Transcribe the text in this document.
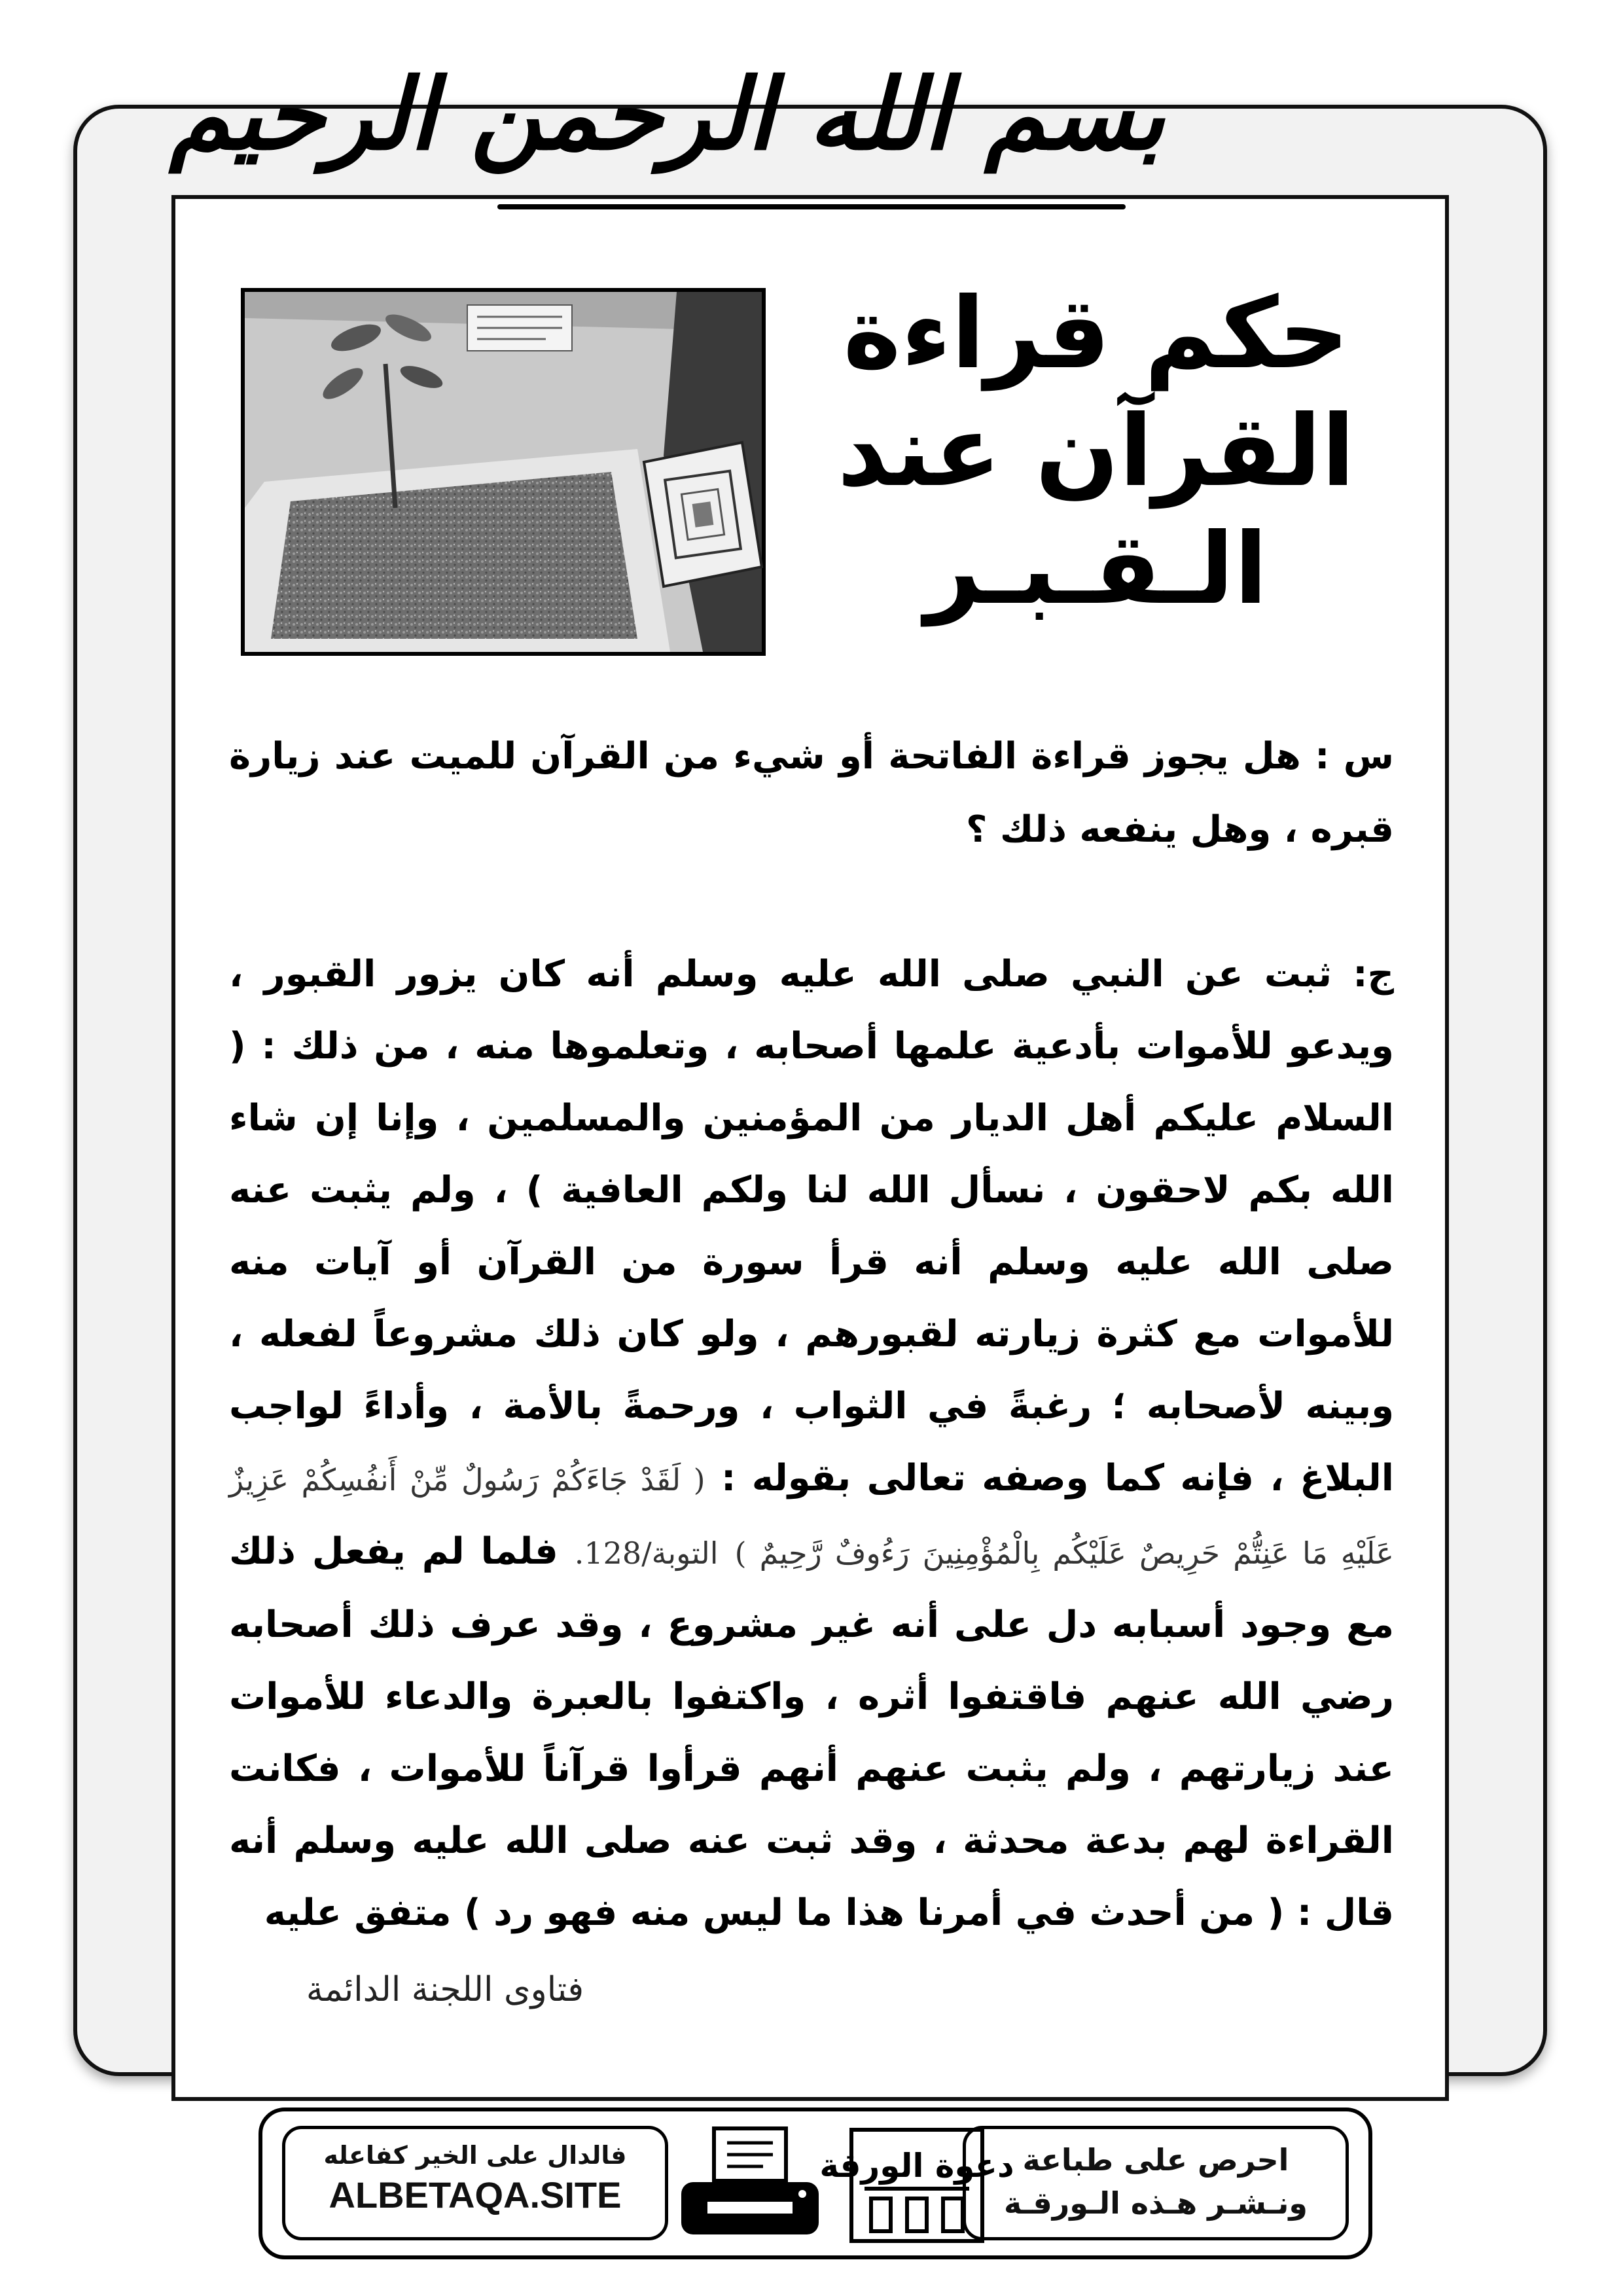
بسم الله الرحمن الرحيم
حكم قراءة
القرآن عند
الـقـبـر

س : هل يجوز قراءة الفاتحة أو شيء من القرآن للميت عند زيارة قبره ، وهل ينفعه ذلك ؟

ج: ثبت عن النبي صلى الله عليه وسلم أنه كان يزور القبور ، ويدعو للأموات بأدعية علمها أصحابه ، وتعلموها منه ، من ذلك : ( السلام عليكم أهل الديار من المؤمنين والمسلمين ، وإنا إن شاء الله بكم لاحقون ، نسأل الله لنا ولكم العافية ) ، ولم يثبت عنه صلى الله عليه وسلم أنه قرأ سورة من القرآن أو آيات منه للأموات مع كثرة زيارته لقبورهم ، ولو كان ذلك مشروعاً لفعله ، وبينه لأصحابه ؛ رغبةً في الثواب ، ورحمةً بالأمة ، وأداءً لواجب البلاغ ، فإنه كما وصفه تعالى بقوله : ( لَقَدْ جَاءَكُمْ رَسُولٌ مِّنْ أَنفُسِكُمْ عَزِيزٌ عَلَيْهِ مَا عَنِتُّمْ حَرِيصٌ عَلَيْكُم بِالْمُؤْمِنِينَ رَءُوفٌ رَّحِيمٌ ) التوبة/128. فلما لم يفعل ذلك مع وجود أسبابه دل على أنه غير مشروع ، وقد عرف ذلك أصحابه رضي الله عنهم فاقتفوا أثره ، واكتفوا بالعبرة والدعاء للأموات عند زيارتهم ، ولم يثبت عنهم أنهم قرأوا قرآناً للأموات ، فكانت القراءة لهم بدعة محدثة ، وقد ثبت عنه صلى الله عليه وسلم أنه قال : ( من أحدث في أمرنا هذا ما ليس منه فهو رد ) متفق عليه

فتاوى اللجنة الدائمة
فالدال على الخير كفاعله
ALBETAQA.SITE
دعوة الورقة احرص على طباعة
ونـشـر هـذه الـورقـة
